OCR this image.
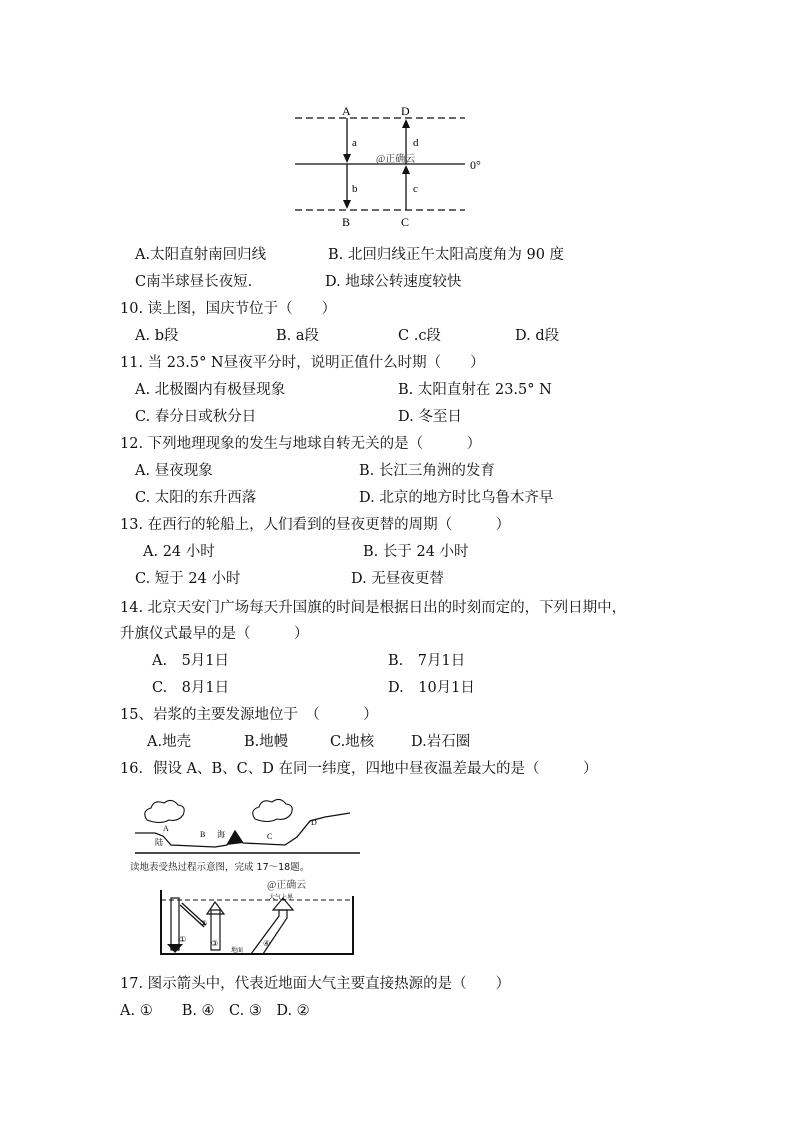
A	D
B	C
a
b	c
d
@正确云	0°
A.太阳直射南回归线	B. 北回归线正午太阳高度角为 90 度
C南半球昼长夜短.	D. 地球公转速度较快
10. 读上图，国庆节位于（　　）
A. b段	B. a段	C .c段	D. d段
11. 当 23.5° N昼夜平分时，说明正值什么时期（　　）
A. 北极圈内有极昼现象	B. 太阳直射在 23.5° N
C. 春分日或秋分日	D. 冬至日
12. 下列地理现象的发生与地球自转无关的是（　　　）
A. 昼夜现象	B. 长江三角洲的发育
C. 太阳的东升西落	D. 北京的地方时比乌鲁木齐早
13. 在西行的轮船上，人们看到的昼夜更替的周期（　　　）
A. 24 小时	B. 长于 24 小时
C. 短于 24 小时	D. 无昼夜更替
14. 北京天安门广场每天升国旗的时间是根据日出的时刻而定的，下列日期中，
升旗仪式最早的是（　　　）
A.　5月1日	B.　7月1日
C.　8月1日	D.　10月1日
15、岩浆的主要发源地位于　（　　　）
A.地壳	B.地幔	C.地核	D.岩石圈
16．假设 A、B、C、D 在同一纬度，四地中昼夜温差最大的是（　　　）
A
陆
B 海	C
D
读地表受热过程示意图，完成 17～18题。
@正确云
大气上界
①
②
③	④
地面
17. 图示箭头中，代表近地面大气主要直接热源的是（　　）
A. ①　　B. ④　C. ③　D. ②
